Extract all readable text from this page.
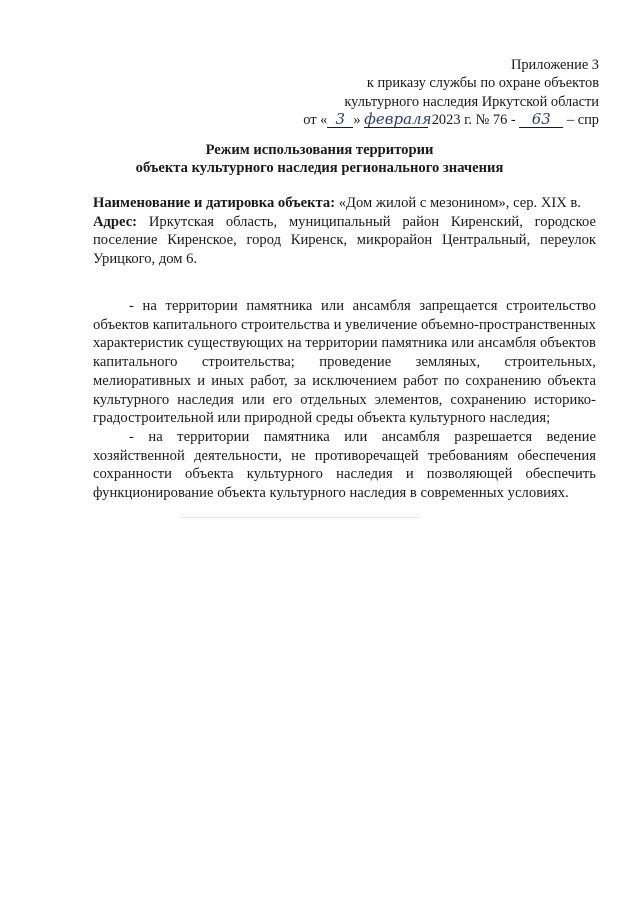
Приложение 3
к приказу службы по охране объектов
культурного наследия Иркутской области
от « 3 » февраля 2023 г. № 76 - 63 – спр
Режим использования территории
объекта культурного наследия регионального значения
Наименование и датировка объекта: «Дом жилой с мезонином», сер. XIX в.
Адрес: Иркутская область, муниципальный район Киренский, городское поселение Киренское, город Киренск, микрорайон Центральный, переулок Урицкого, дом 6.

- на территории памятника или ансамбля запрещается строительство объектов капитального строительства и увеличение объемно-пространственных характеристик существующих на территории памятника или ансамбля объектов капитального строительства; проведение земляных, строительных, мелиоративных и иных работ, за исключением работ по сохранению объекта культурного наследия или его отдельных элементов, сохранению историко-градостроительной или природной среды объекта культурного наследия;

- на территории памятника или ансамбля разрешается ведение хозяйственной деятельности, не противоречащей требованиям обеспечения сохранности объекта культурного наследия и позволяющей обеспечить функционирование объекта культурного наследия в современных условиях.
